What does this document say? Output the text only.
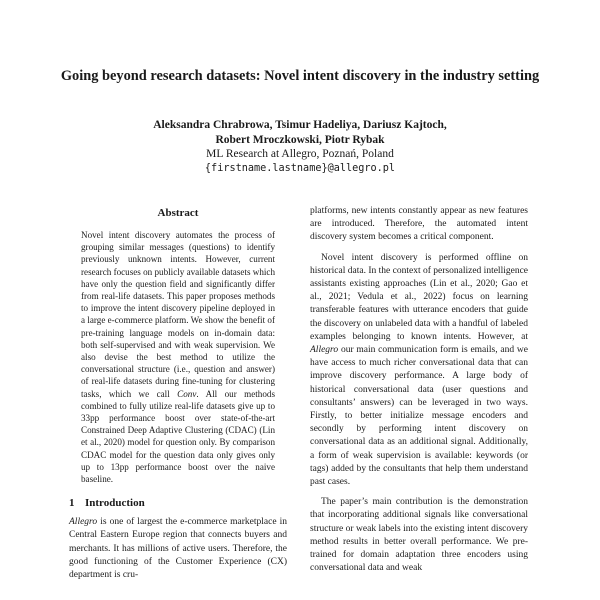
Going beyond research datasets: Novel intent discovery in the industry setting
Aleksandra Chrabrowa, Tsimur Hadeliya, Dariusz Kajtoch,
Robert Mroczkowski, Piotr Rybak
ML Research at Allegro, Poznań, Poland
{firstname.lastname}@allegro.pl
Abstract

Novel intent discovery automates the process of grouping similar messages (questions) to identify previously unknown intents. However, current research focuses on publicly available datasets which have only the question field and significantly differ from real-life datasets. This paper proposes methods to improve the intent discovery pipeline deployed in a large e-commerce platform. We show the benefit of pre-training language models on in-domain data: both self-supervised and with weak supervision. We also devise the best method to utilize the conversational structure (i.e., question and answer) of real-life datasets during fine-tuning for clustering tasks, which we call Conv. All our methods combined to fully utilize real-life datasets give up to 33pp performance boost over state-of-the-art Constrained Deep Adaptive Clustering (CDAC) (Lin et al., 2020) model for question only. By comparison CDAC model for the question data only gives only up to 13pp performance boost over the naive baseline.

1 Introduction

Allegro is one of largest the e-commerce marketplace in Central Eastern Europe region that connects buyers and merchants. It has millions of active users. Therefore, the good functioning of the Customer Experience (CX) department is cru-

platforms, new intents constantly appear as new features are introduced. Therefore, the automated intent discovery system becomes a critical component.

Novel intent discovery is performed offline on historical data. In the context of personalized intelligence assistants existing approaches (Lin et al., 2020; Gao et al., 2021; Vedula et al., 2022) focus on learning transferable features with utterance encoders that guide the discovery on unlabeled data with a handful of labeled examples belonging to known intents. However, at Allegro our main communication form is emails, and we have access to much richer conversational data that can improve discovery performance. A large body of historical conversational data (user questions and consultants’ answers) can be leveraged in two ways. Firstly, to better initialize message encoders and secondly by performing intent discovery on conversational data as an additional signal. Additionally, a form of weak supervision is available: keywords (or tags) added by the consultants that help them understand past cases.

The paper’s main contribution is the demonstration that incorporating additional signals like conversational structure or weak labels into the existing intent discovery method results in better overall performance. We pre-trained for domain adaptation three encoders using conversational data and weak
